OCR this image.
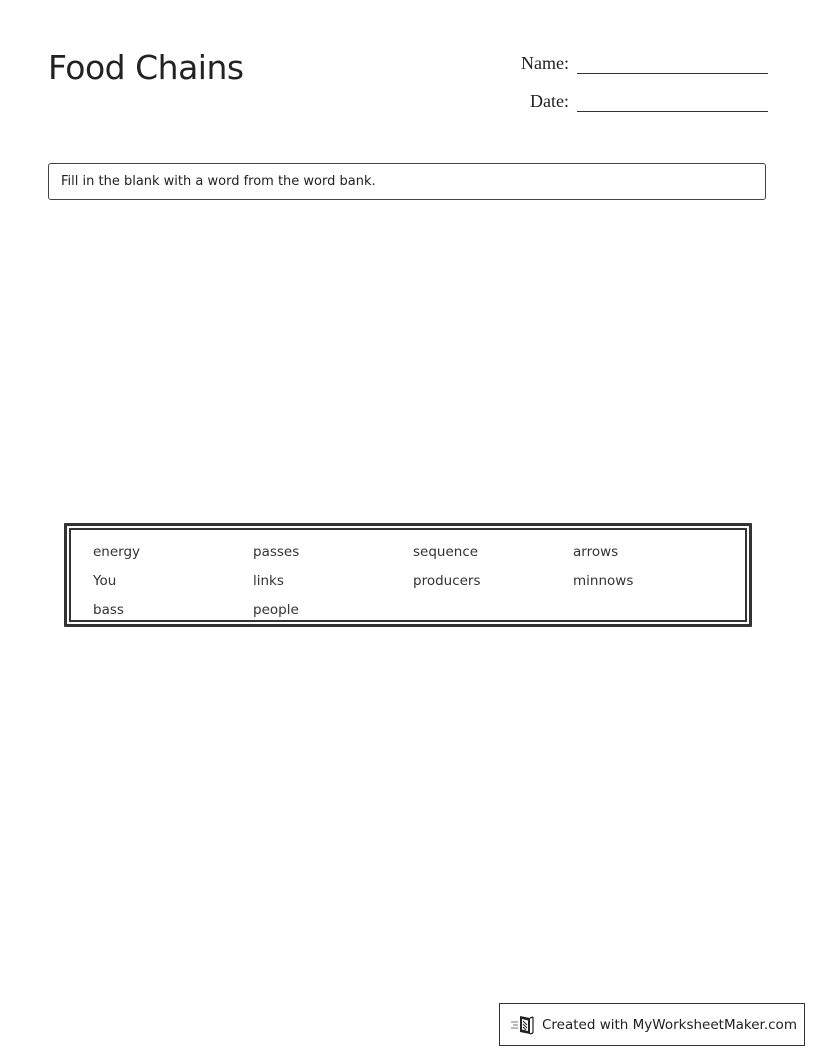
Food Chains	Name:
Date:
Fill in the blank with a word from the word bank.
energy	passes	sequence	arrows
You	links	producers	minnows
bass	people
Created with MyWorksheetMaker.com
